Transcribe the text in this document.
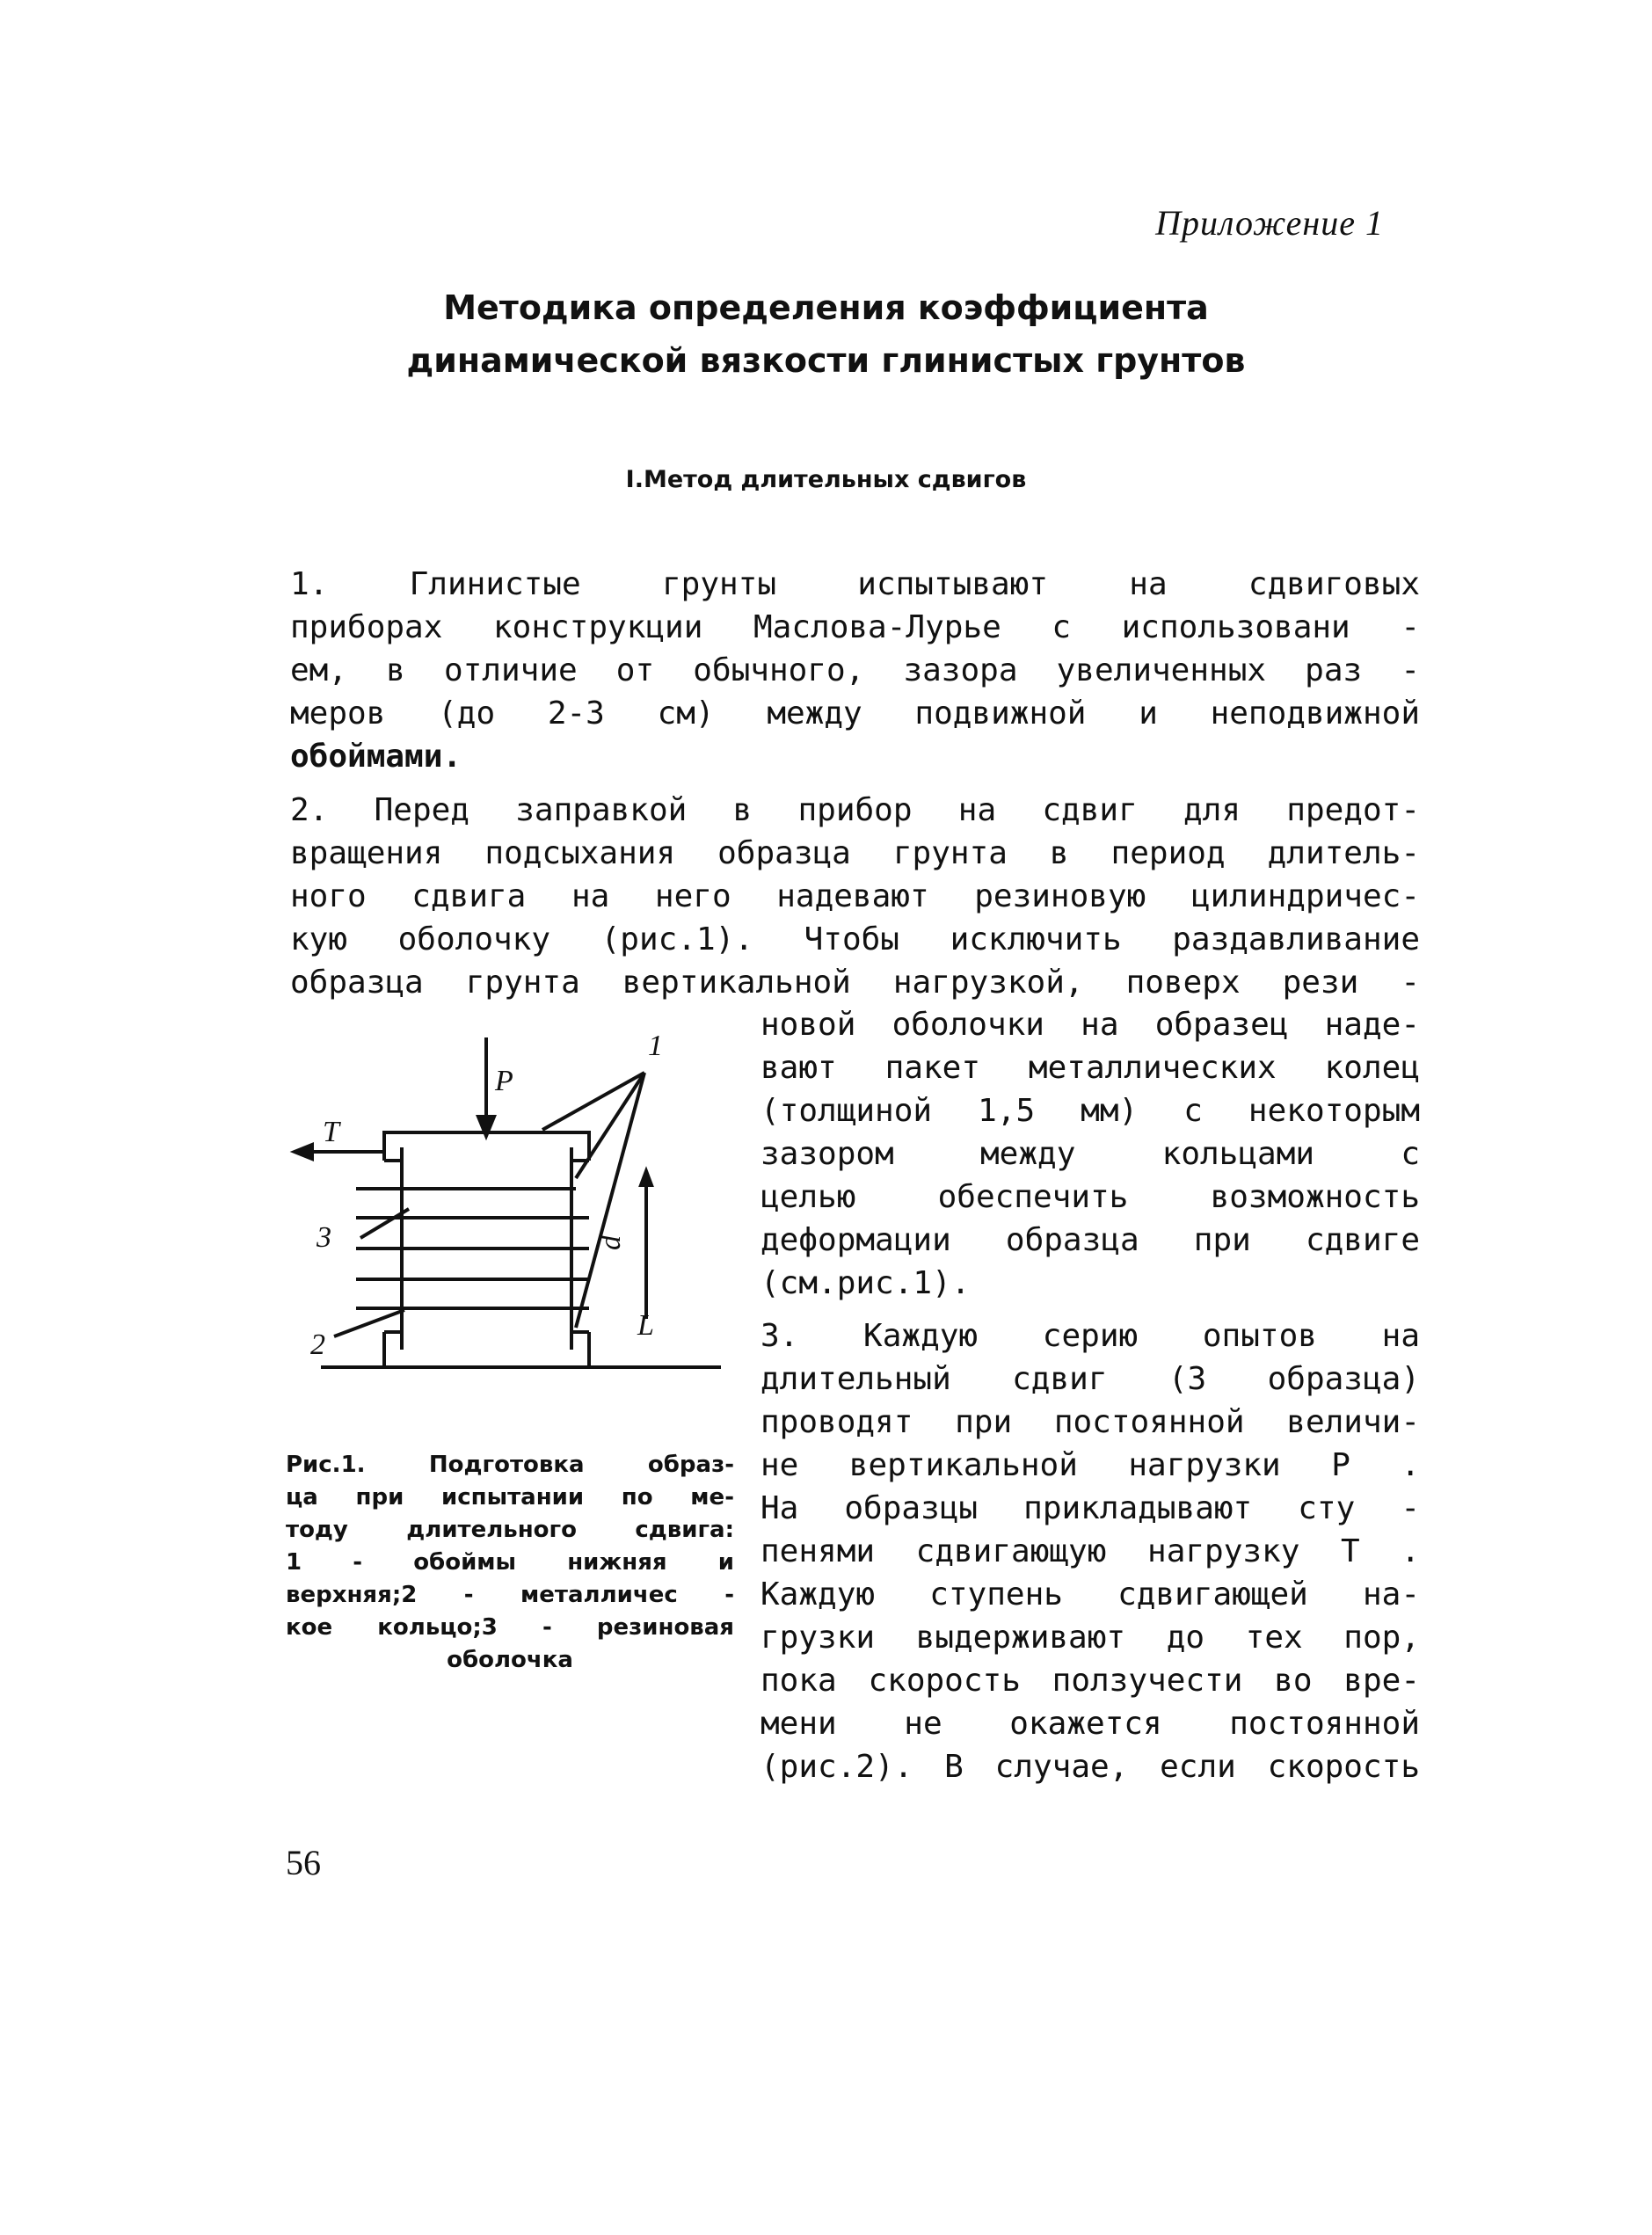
Приложение 1
Методика определения коэффициента
динамической вязкости глинистых грунтов
I.Метод длительных сдвигов
1. Глинистые грунты испытывают на сдвиговых
приборах конструкции Маслова-Лурье с использовани -
ем, в отличие от обычного, зазора увеличенных раз -
меров (до 2-3 см) между подвижной и неподвижной
обоймами.
2. Перед заправкой в прибор на сдвиг для предот-
вращения подсыхания образца грунта в период длитель-
ного сдвига на него надевают резиновую цилиндричес-
кую оболочку (рис.1). Чтобы исключить раздавливание
образца грунта вертикальной нагрузкой, поверх рези -
новой оболочки на образец наде-
вают пакет металлических колец
(толщиной 1,5 мм) с некоторым
зазором между кольцами с
целью обеспечить возможность
деформации образца при сдвиге
(см.рис.1).
3. Каждую серию опытов на
длительный сдвиг (3 образца)
проводят при постоянной величи-
не вертикальной нагрузки P .
На образцы прикладывают сту -
пенями сдвигающую нагрузку T .
Каждую ступень сдвигающей на-
грузки выдерживают до тех пор,
пока скорость ползучести во вре-
мени не окажется постоянной
(рис.2). В случае, если скорость
P
T
1
3
2
d
L
Рис.1. Подготовка образ-
ца при испытании по ме-
тоду длительного сдвига:
1 - обоймы нижняя и
верхняя;2 - металличес -
кое кольцо;3 - резиновая
оболочка
56
